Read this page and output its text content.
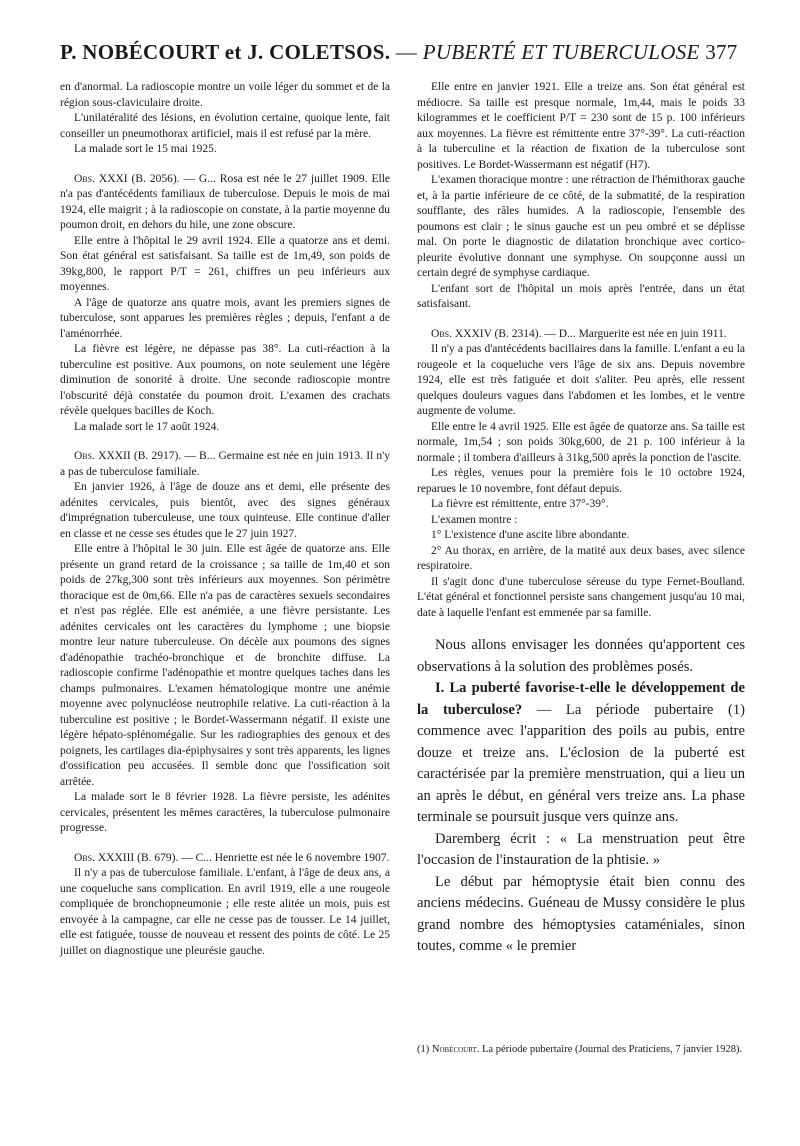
P. NOBÉCOURT et J. COLETSOS. — PUBERTÉ ET TUBERCULOSE 377

en d'anormal. La radioscopie montre un voile léger du sommet et de la région sous-claviculaire droite.

L'unilatéralité des lésions, en évolution certaine, quoique lente, fait conseiller un pneumothorax artificiel, mais il est refusé par la mère.

La malade sort le 15 mai 1925.

Obs. XXXI (B. 2056). — G... Rosa est née le 27 juillet 1909. Elle n'a pas d'antécédents familiaux de tuberculose. Depuis le mois de mai 1924, elle maigrit ; à la radioscopie on constate, à la partie moyenne du poumon droit, en dehors du hile, une zone obscure.

Elle entre à l'hôpital le 29 avril 1924. Elle a quatorze ans et demi. Son état général est satisfaisant. Sa taille est de 1m,49, son poids de 39kg,800, le rapport P/T = 261, chiffres un peu inférieurs aux moyennes.

A l'âge de quatorze ans quatre mois, avant les premiers signes de tuberculose, sont apparues les premières règles ; depuis, l'enfant a de l'aménorrhée.

La fièvre est légère, ne dépasse pas 38°. La cuti-réaction à la tuberculine est positive. Aux poumons, on note seulement une légère diminution de sonorité à droite. Une seconde radioscopie montre l'obscurité déjà constatée du poumon droit. L'examen des crachats révèle quelques bacilles de Koch.

La malade sort le 17 août 1924.

Obs. XXXII (B. 2917). — B... Germaine est née en juin 1913. Il n'y a pas de tuberculose familiale.

En janvier 1926, à l'âge de douze ans et demi, elle présente des adénites cervicales, puis bientôt, avec des signes généraux d'imprégnation tuberculeuse, une toux quinteuse. Elle continue d'aller en classe et ne cesse ses études que le 27 juin 1927.

Elle entre à l'hôpital le 30 juin. Elle est âgée de quatorze ans. Elle présente un grand retard de la croissance ; sa taille de 1m,40 et son poids de 27kg,300 sont très inférieurs aux moyennes. Son périmètre thoracique est de 0m,66. Elle n'a pas de caractères sexuels secondaires et n'est pas réglée. Elle est anémiée, a une fièvre persistante. Les adénites cervicales ont les caractères du lymphome ; une biopsie montre leur nature tuberculeuse. On décèle aux poumons des signes d'adénopathie trachéo-bronchique et de bronchite diffuse. La radioscopie confirme l'adénopathie et montre quelques taches dans les champs pulmonaires. L'examen hématologique montre une anémie moyenne avec polynucléose neutrophile relative. La cuti-réaction à la tuberculine est positive ; le Bordet-Wassermann négatif. Il existe une légère hépato-splénomégalie. Sur les radiographies des genoux et des poignets, les cartilages dia-épiphysaires y sont très apparents, les lignes d'ossification peu accusées. Il semble donc que l'ossification soit arrêtée.

La malade sort le 8 février 1928. La fièvre persiste, les adénites cervicales, présentent les mêmes caractères, la tuberculose pulmonaire progresse.

Obs. XXXIII (B. 679). — C... Henriette est née le 6 novembre 1907.

Il n'y a pas de tuberculose familiale. L'enfant, à l'âge de deux ans, a une coqueluche sans complication. En avril 1919, elle a une rougeole compliquée de bronchopneumonie ; elle reste alitée un mois, puis est envoyée à la campagne, car elle ne cesse pas de tousser. Le 14 juillet, elle est fatiguée, tousse de nouveau et ressent des points de côté. Le 25 juillet on diagnostique une pleurésie gauche.

Elle entre en janvier 1921. Elle a treize ans. Son état général est médiocre. Sa taille est presque normale, 1m,44, mais le poids 33 kilogrammes et le coefficient P/T = 230 sont de 15 p. 100 inférieurs aux moyennes. La fièvre est rémittente entre 37°-39°. La cuti-réaction à la tuberculine et la réaction de fixation de la tuberculose sont positives. Le Bordet-Wassermann est négatif (H7).

L'examen thoracique montre : une rétraction de l'hémithorax gauche et, à la partie inférieure de ce côté, de la submatité, de la respiration soufflante, des râles humides. A la radioscopie, l'ensemble des poumons est clair ; le sinus gauche est un peu ombré et se déplisse mal. On porte le diagnostic de dilatation bronchique avec cortico-pleurite évolutive donnant une symphyse. On soupçonne aussi un certain degré de symphyse cardiaque.

L'enfant sort de l'hôpital un mois après l'entrée, dans un état satisfaisant.

Obs. XXXIV (B. 2314). — D... Marguerite est née en juin 1911.

Il n'y a pas d'antécédents bacillaires dans la famille. L'enfant a eu la rougeole et la coqueluche vers l'âge de six ans. Depuis novembre 1924, elle est très fatiguée et doit s'aliter. Peu après, elle ressent quelques douleurs vagues dans l'abdomen et les lombes, et le ventre augmente de volume.

Elle entre le 4 avril 1925. Elle est âgée de quatorze ans. Sa taille est normale, 1m,54 ; son poids 30kg,600, de 21 p. 100 inférieur à la normale ; il tombera d'ailleurs à 31kg,500 après la ponction de l'ascite.

Les règles, venues pour la première fois le 10 octobre 1924, reparues le 10 novembre, font défaut depuis.

La fièvre est rémittente, entre 37°-39°.

L'examen montre :

1° L'existence d'une ascite libre abondante.

2° Au thorax, en arrière, de la matité aux deux bases, avec silence respiratoire.

Il s'agit donc d'une tuberculose séreuse du type Fernet-Boulland. L'état général et fonctionnel persiste sans changement jusqu'au 10 mai, date à laquelle l'enfant est emmenée par sa famille.

Nous allons envisager les données qu'apportent ces observations à la solution des problèmes posés.

I. La puberté favorise-t-elle le développement de la tuberculose? — La période pubertaire (1) commence avec l'apparition des poils au pubis, entre douze et treize ans. L'éclosion de la puberté est caractérisée par la première menstruation, qui a lieu un an après le début, en général vers treize ans. La phase terminale se poursuit jusque vers quinze ans.

Daremberg écrit : « La menstruation peut être l'occasion de l'instauration de la phtisie. »

Le début par hémoptysie était bien connu des anciens médecins. Guéneau de Mussy considère le plus grand nombre des hémoptysies cataméniales, sinon toutes, comme « le premier

(1) Nobécourt. La période pubertaire (Journal des Praticiens, 7 janvier 1928).
